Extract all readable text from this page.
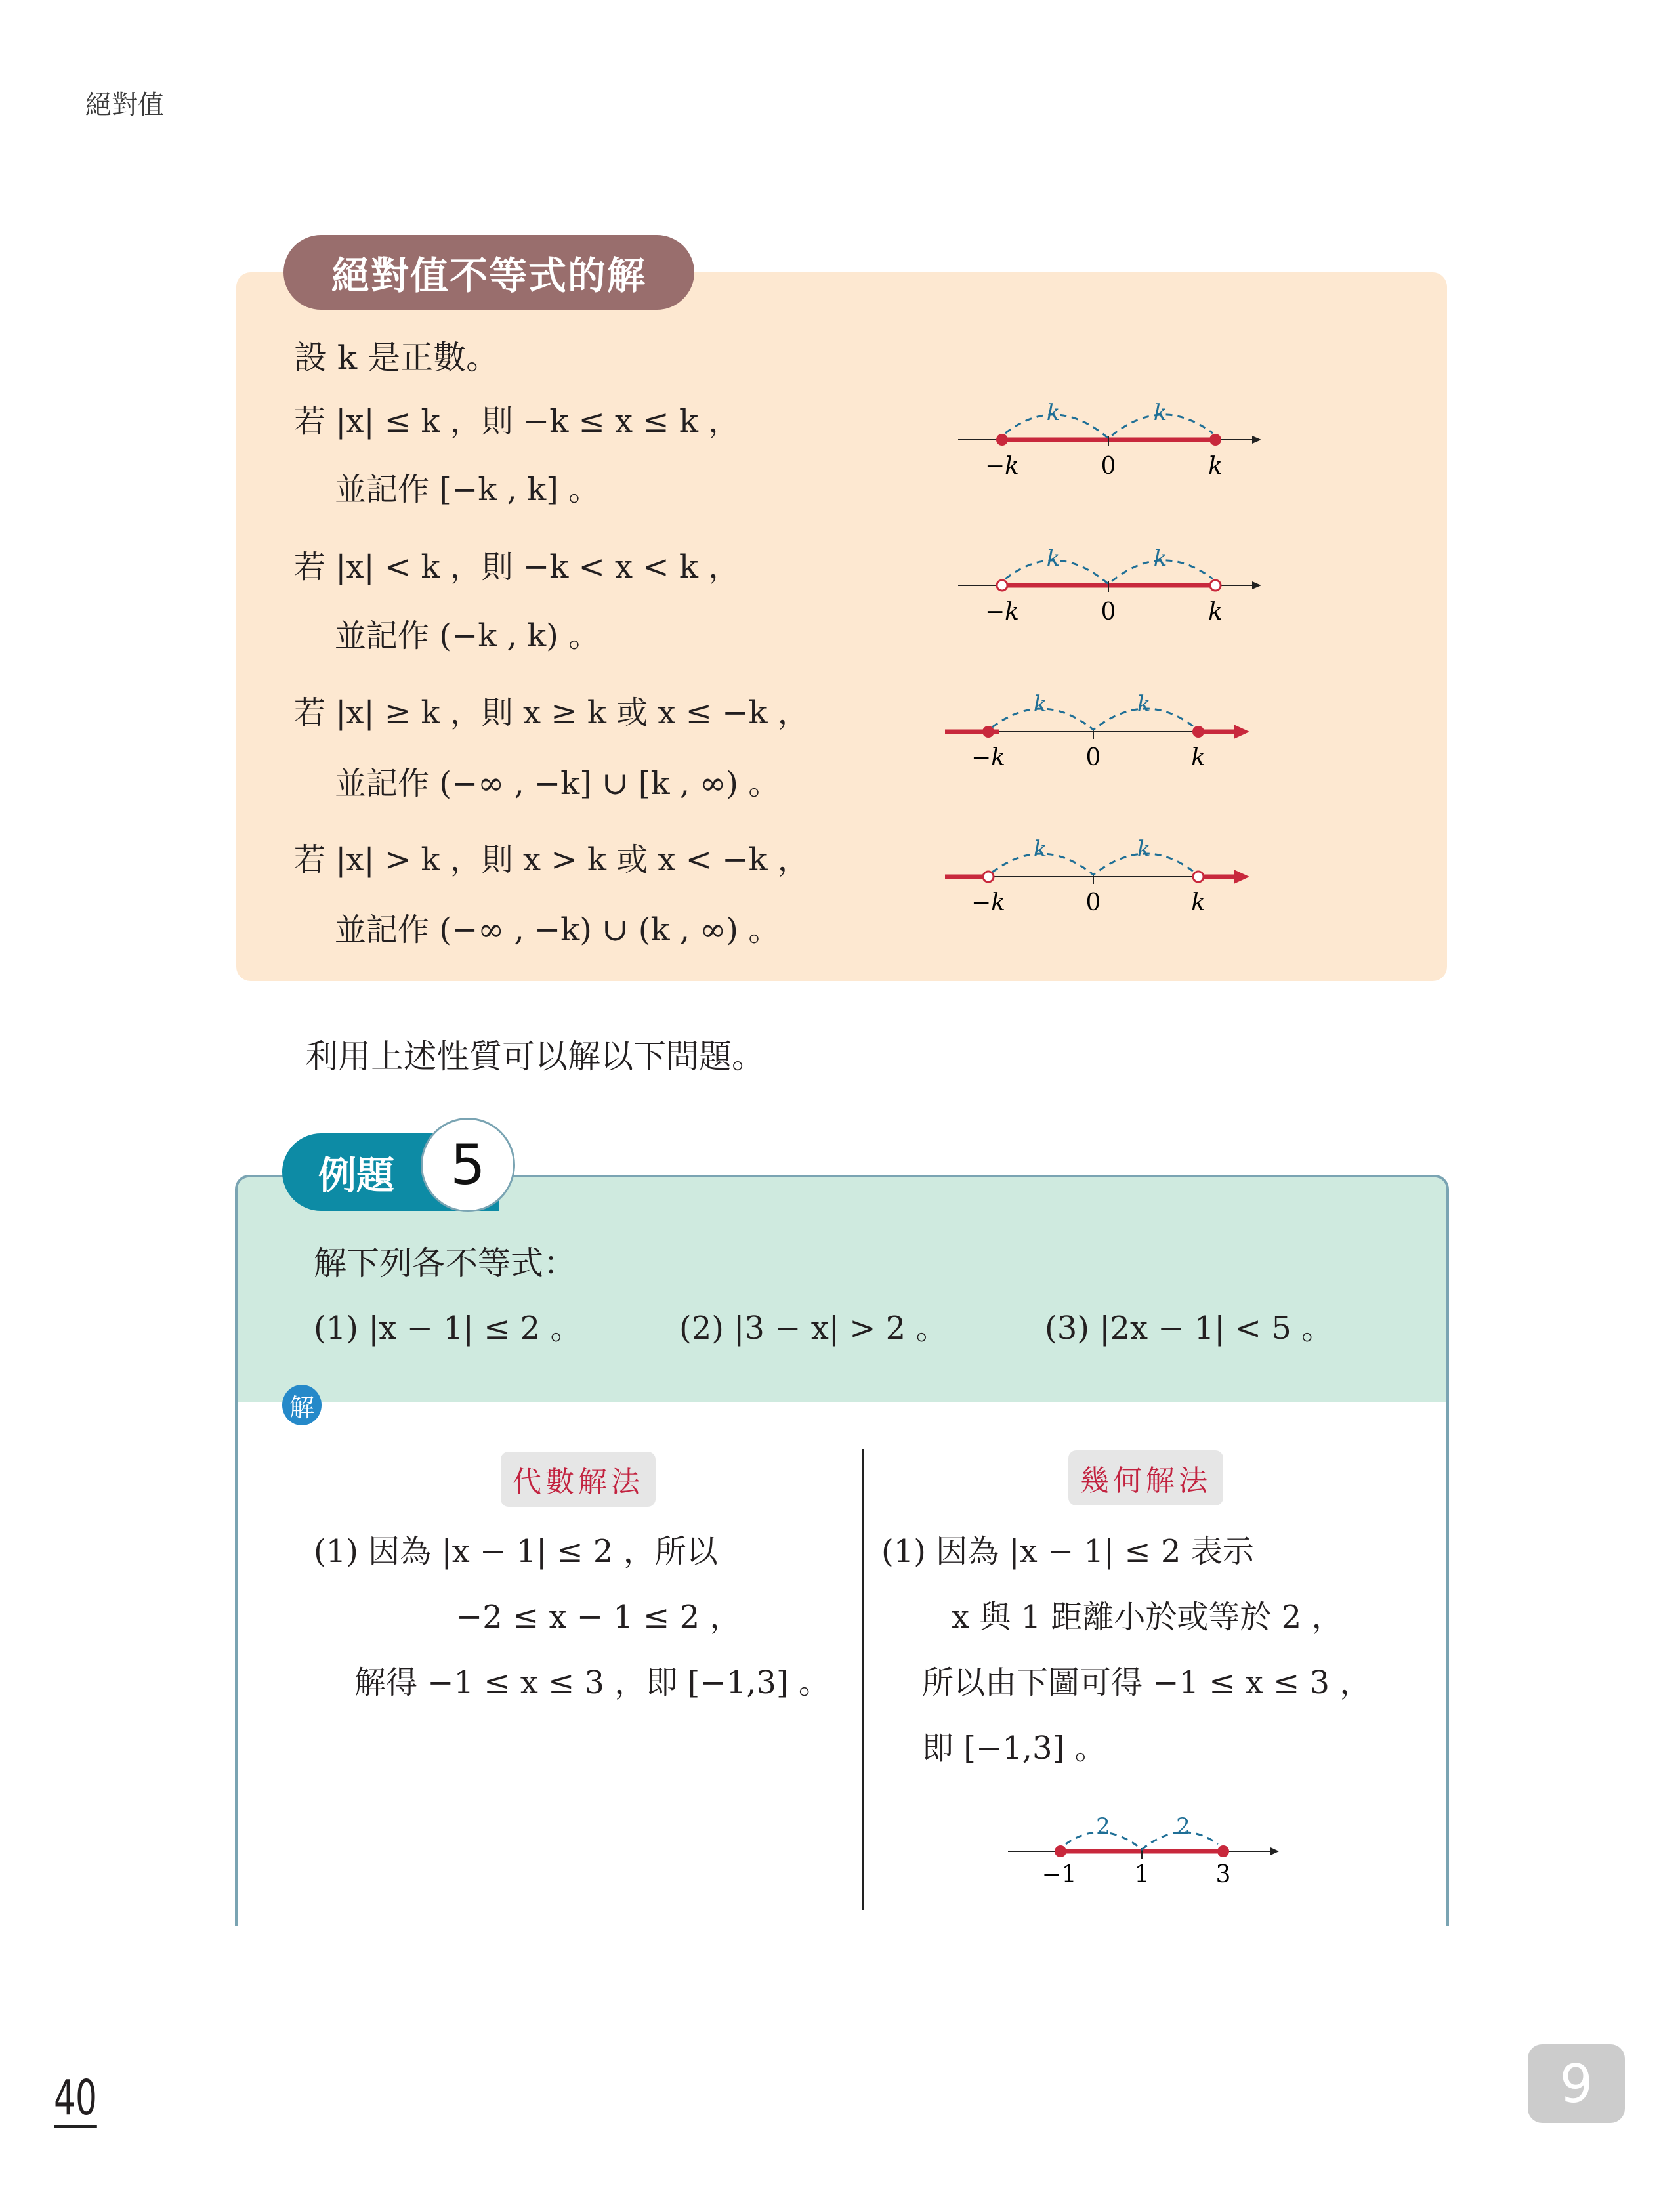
絕對值
絕對值不等式的解
設 k 是正數。
若 |x| ≤ k ，則 −k ≤ x ≤ k ，
並記作 [−k , k] 。
若 |x| < k ，則 −k < x < k ，
並記作 (−k , k) 。
若 |x| ≥ k ，則 x ≥ k 或 x ≤ −k ，
並記作 (−∞ , −k] ∪ [k , ∞) 。
若 |x| > k ，則 x > k 或 x < −k ，
並記作 (−∞ , −k) ∪ (k , ∞) 。
k	k
−k	0	k
k	k
−k	0	k
k	k
−k	0	k
k	k
−k	0	k
利用上述性質可以解以下問題。
例題	5
解下列各不等式：
(1) |x − 1| ≤ 2 。	(2) |3 − x| > 2 。	(3) |2x − 1| < 5 。
解
代數解法
(1) 因為 |x − 1| ≤ 2 ，所以
−2 ≤ x − 1 ≤ 2 ，
解得 −1 ≤ x ≤ 3 ，即 [−1,3] 。
幾何解法
(1) 因為 |x − 1| ≤ 2 表示
x 與 1 距離小於或等於 2 ，
所以由下圖可得 −1 ≤ x ≤ 3 ，
即 [−1,3] 。
2	2
−1 1	3
40	9
